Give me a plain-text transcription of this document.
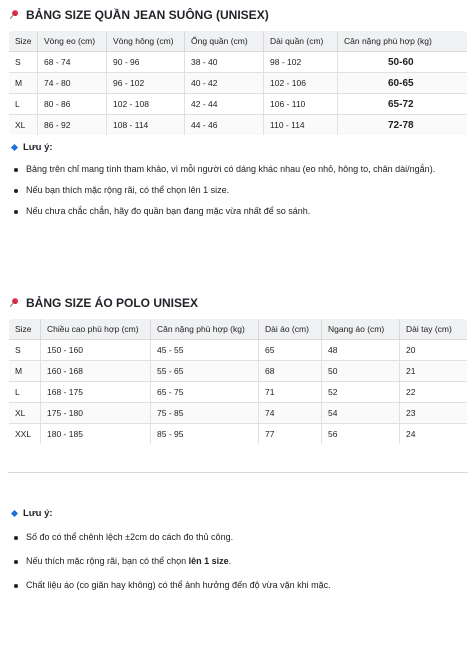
BẢNG SIZE QUẦN JEAN SUÔNG (UNISEX)
Size	Vòng eo (cm)	Vòng hông (cm)	Ống quần (cm)	Dài quần (cm)	Cân nặng phù hợp (kg)
S	68 - 74	90 - 96	38 - 40	98 - 102	50-60
M	74 - 80	96 - 102	40 - 42	102 - 106	60-65
L	80 - 86	102 - 108	42 - 44	106 - 110	65-72
XL	86 - 92	108 - 114	44 - 46	110 - 114	72-78
Lưu ý:
Bảng trên chỉ mang tính tham khảo, vì mỗi người có dáng khác nhau (eo nhỏ, hông to, chân dài/ngắn).
Nếu bạn thích mặc rộng rãi, có thể chọn lên 1 size.
Nếu chưa chắc chắn, hãy đo quần bạn đang mặc vừa nhất để so sánh.
BẢNG SIZE ÁO POLO UNISEX
Size	Chiều cao phù hợp (cm)	Cân nặng phù hợp (kg)	Dài áo (cm)	Ngang áo (cm)	Dài tay (cm)
S	150 - 160	45 - 55	65	48	20
M	160 - 168	55 - 65	68	50	21
L	168 - 175	65 - 75	71	52	22
XL	175 - 180	75 - 85	74	54	23
XXL	180 - 185	85 - 95	77	56	24
Lưu ý:
Số đo có thể chênh lệch ±2cm do cách đo thủ công.
Nếu thích mặc rộng rãi, bạn có thể chọn lên 1 size.
Chất liệu áo (co giãn hay không) có thể ảnh hưởng đến độ vừa vặn khi mặc.
